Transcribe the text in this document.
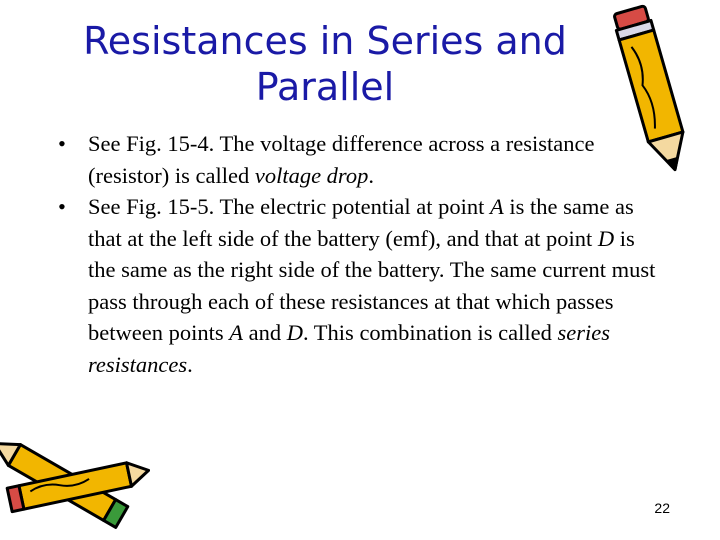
Resistances in Series and Parallel
• See Fig. 15-4. The voltage difference across a resistance (resistor) is called voltage drop.
• See Fig. 15-5. The electric potential at point A is the same as that at the left side of the battery (emf), and that at point D is the same as the right side of the battery. The same current must pass through each of these resistances at that which passes between points A and D. This combination is called series resistances.
22
